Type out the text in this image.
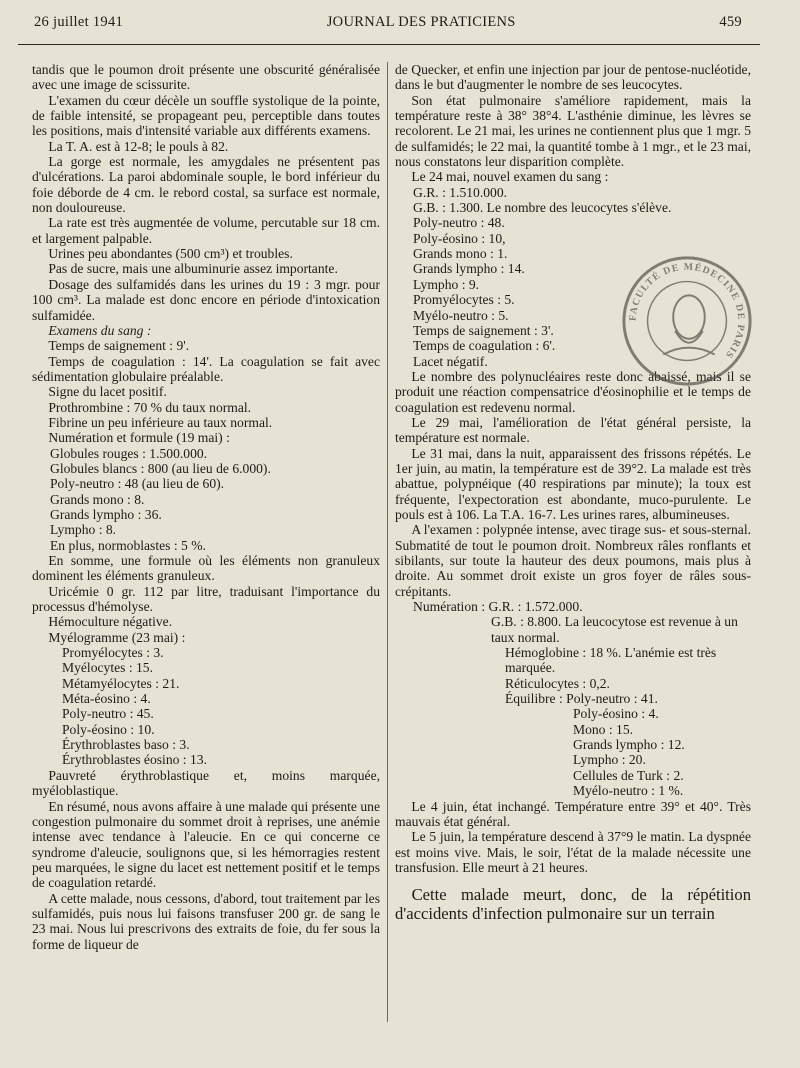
26 juillet 1941	JOURNAL DES PRATICIENS	459

tandis que le poumon droit présente une obscurité généralisée avec une image de scissurite.

L'examen du cœur décèle un souffle systolique de la pointe, de faible intensité, se propageant peu, perceptible dans toutes les positions, mais d'intensité variable aux différents examens.

La T. A. est à 12-8; le pouls à 82.

La gorge est normale, les amygdales ne présentent pas d'ulcérations. La paroi abdominale souple, le bord inférieur du foie déborde de 4 cm. le rebord costal, sa surface est normale, non douloureuse.

La rate est très augmentée de volume, percutable sur 18 cm. et largement palpable.

Urines peu abondantes (500 cm³) et troubles.

Pas de sucre, mais une albuminurie assez importante.

Dosage des sulfamidés dans les urines du 19 : 3 mgr. pour 100 cm³. La malade est donc encore en période d'intoxication sulfamidée.

Examens du sang :

Temps de saignement : 9'.

Temps de coagulation : 14'. La coagulation se fait avec sédimentation globulaire préalable.

Signe du lacet positif.

Prothrombine : 70 % du taux normal.

Fibrine un peu inférieure au taux normal.

Numération et formule (19 mai) :

Globules rouges : 1.500.000.

Globules blancs : 800 (au lieu de 6.000).

Poly-neutro : 48 (au lieu de 60).

Grands mono : 8.

Grands lympho : 36.

Lympho : 8.

En plus, normoblastes : 5 %.

En somme, une formule où les éléments non granuleux dominent les éléments granuleux.

Uricémie 0 gr. 112 par litre, traduisant l'importance du processus d'hémolyse.

Hémoculture négative.

Myélogramme (23 mai) :

Promyélocytes : 3.

Myélocytes : 15.

Métamyélocytes : 21.

Méta-éosino : 4.

Poly-neutro : 45.

Poly-éosino : 10.

Érythroblastes baso : 3.

Érythroblastes éosino : 13.

Pauvreté érythroblastique et, moins marquée, myéloblastique.

En résumé, nous avons affaire à une malade qui présente une congestion pulmonaire du sommet droit à reprises, une anémie intense avec tendance à l'aleucie. En ce qui concerne ce syndrome d'aleucie, soulignons que, si les hémorragies restent peu marquées, le signe du lacet est nettement positif et le temps de coagulation retardé.

A cette malade, nous cessons, d'abord, tout traitement par les sulfamidés, puis nous lui faisons transfuser 200 gr. de sang le 23 mai. Nous lui prescrivons des extraits de foie, du fer sous la forme de liqueur de

de Quecker, et enfin une injection par jour de pentose-nucléotide, dans le but d'augmenter le nombre de ses leucocytes.

Son état pulmonaire s'améliore rapidement, mais la température reste à 38° 38°4. L'asthénie diminue, les lèvres se recolorent. Le 21 mai, les urines ne contiennent plus que 1 mgr. 5 de sulfamidés; le 22 mai, la quantité tombe à 1 mgr., et le 23 mai, nous constatons leur disparition complète.

Le 24 mai, nouvel examen du sang :

G.R. : 1.510.000.

G.B. : 1.300. Le nombre des leucocytes s'élève.

Poly-neutro : 48.

Poly-éosino : 10,

Grands mono : 1.

Grands lympho : 14.

Lympho : 9.

Promyélocytes : 5.

Myélo-neutro : 5.

Temps de saignement : 3'.

Temps de coagulation : 6'.

Lacet négatif.

Le nombre des polynucléaires reste donc abaissé, mais il se produit une réaction compensatrice d'éosinophilie et le temps de coagulation est redevenu normal.

Le 29 mai, l'amélioration de l'état général persiste, la température est normale.

Le 31 mai, dans la nuit, apparaissent des frissons répétés. Le 1er juin, au matin, la température est de 39°2. La malade est très abattue, polypnéique (40 respirations par minute); la toux est fréquente, l'expectoration est abondante, muco-purulente. Le pouls est à 106. La T.A. 16-7. Les urines rares, albumineuses.

A l'examen : polypnée intense, avec tirage sus- et sous-sternal. Submatité de tout le poumon droit. Nombreux râles ronflants et sibilants, sur toute la hauteur des deux poumons, mais plus à droite. Au sommet droit existe un gros foyer de râles sous-crépitants.

Numération : G.R. : 1.572.000.

G.B. : 8.800. La leucocytose est revenue à un taux normal.

Hémoglobine : 18 %. L'anémie est très marquée.

Réticulocytes : 0,2.

Équilibre : Poly-neutro : 41.

Poly-éosino : 4.

Mono : 15.

Grands lympho : 12.

Lympho : 20.

Cellules de Turk : 2.

Myélo-neutro : 1 %.

Le 4 juin, état inchangé. Température entre 39° et 40°. Très mauvais état général.

Le 5 juin, la température descend à 37°9 le matin. La dyspnée est moins vive. Mais, le soir, l'état de la malade nécessite une transfusion. Elle meurt à 21 heures.

Cette malade meurt, donc, de la répétition d'accidents d'infection pulmonaire sur un terrain

FACULTÉ DE MÉDECINE DE PARIS
